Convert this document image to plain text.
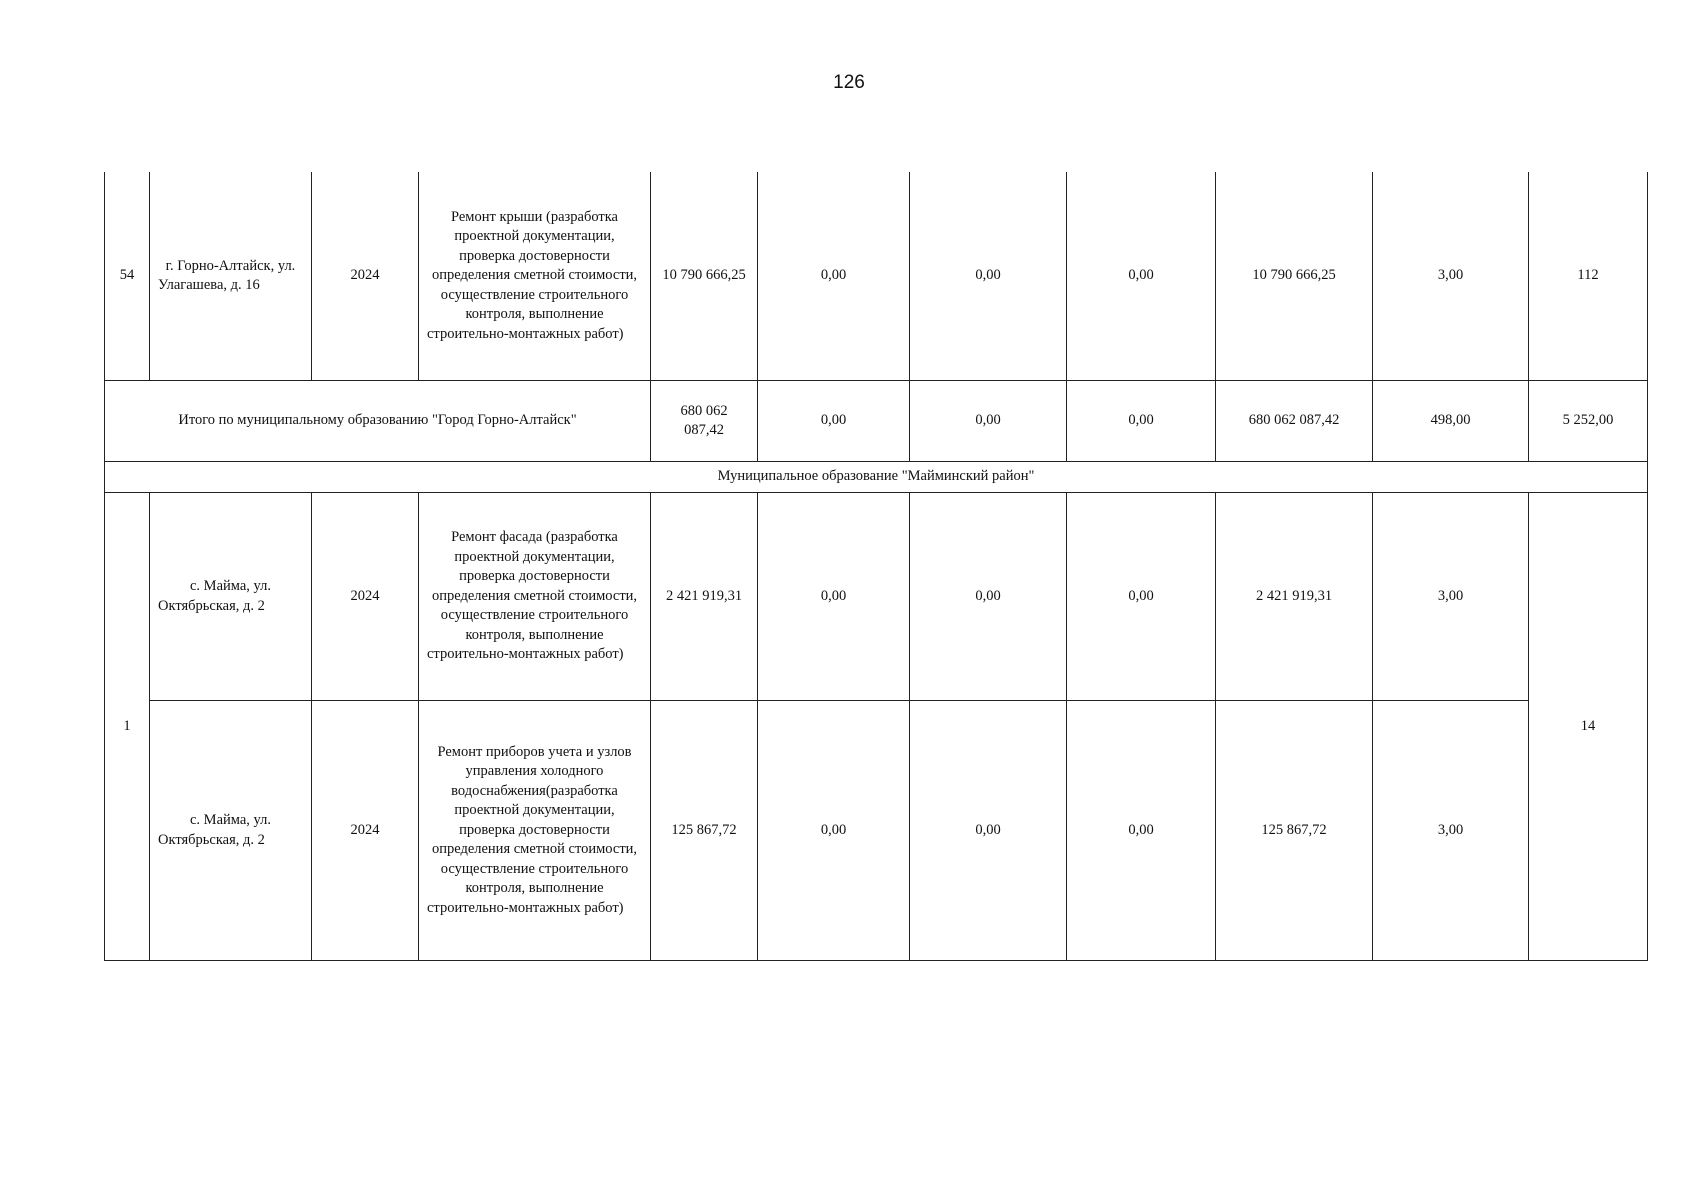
126
54	г. Горно-Алтайск, ул. Улагашева, д. 16	2024	Ремонт крыши (разработка проектной документации, проверка достоверности определения сметной стоимости, осуществление строительного контроля, выполнение строительно-монтажных работ)	10 790 666,25	0,00	0,00	0,00	10 790 666,25	3,00	112
Итого по муниципальному образованию "Город Горно-Алтайск"				680 062 087,42	0,00	0,00	0,00	680 062 087,42	498,00	5 252,00
Муниципальное образование "Майминский район"										
1	с. Майма, ул. Октябрьская, д. 2	2024	Ремонт фасада (разработка проектной документации, проверка достоверности определения сметной стоимости, осуществление строительного контроля, выполнение строительно-монтажных работ)	2 421 919,31	0,00	0,00	0,00	2 421 919,31	3,00	14
	с. Майма, ул. Октябрьская, д. 2	2024	Ремонт приборов учета и узлов управления холодного водоснабжения(разработка проектной документации, проверка достоверности определения сметной стоимости, осуществление строительного контроля, выполнение строительно-монтажных работ)	125 867,72	0,00	0,00	0,00	125 867,72	3,00	
